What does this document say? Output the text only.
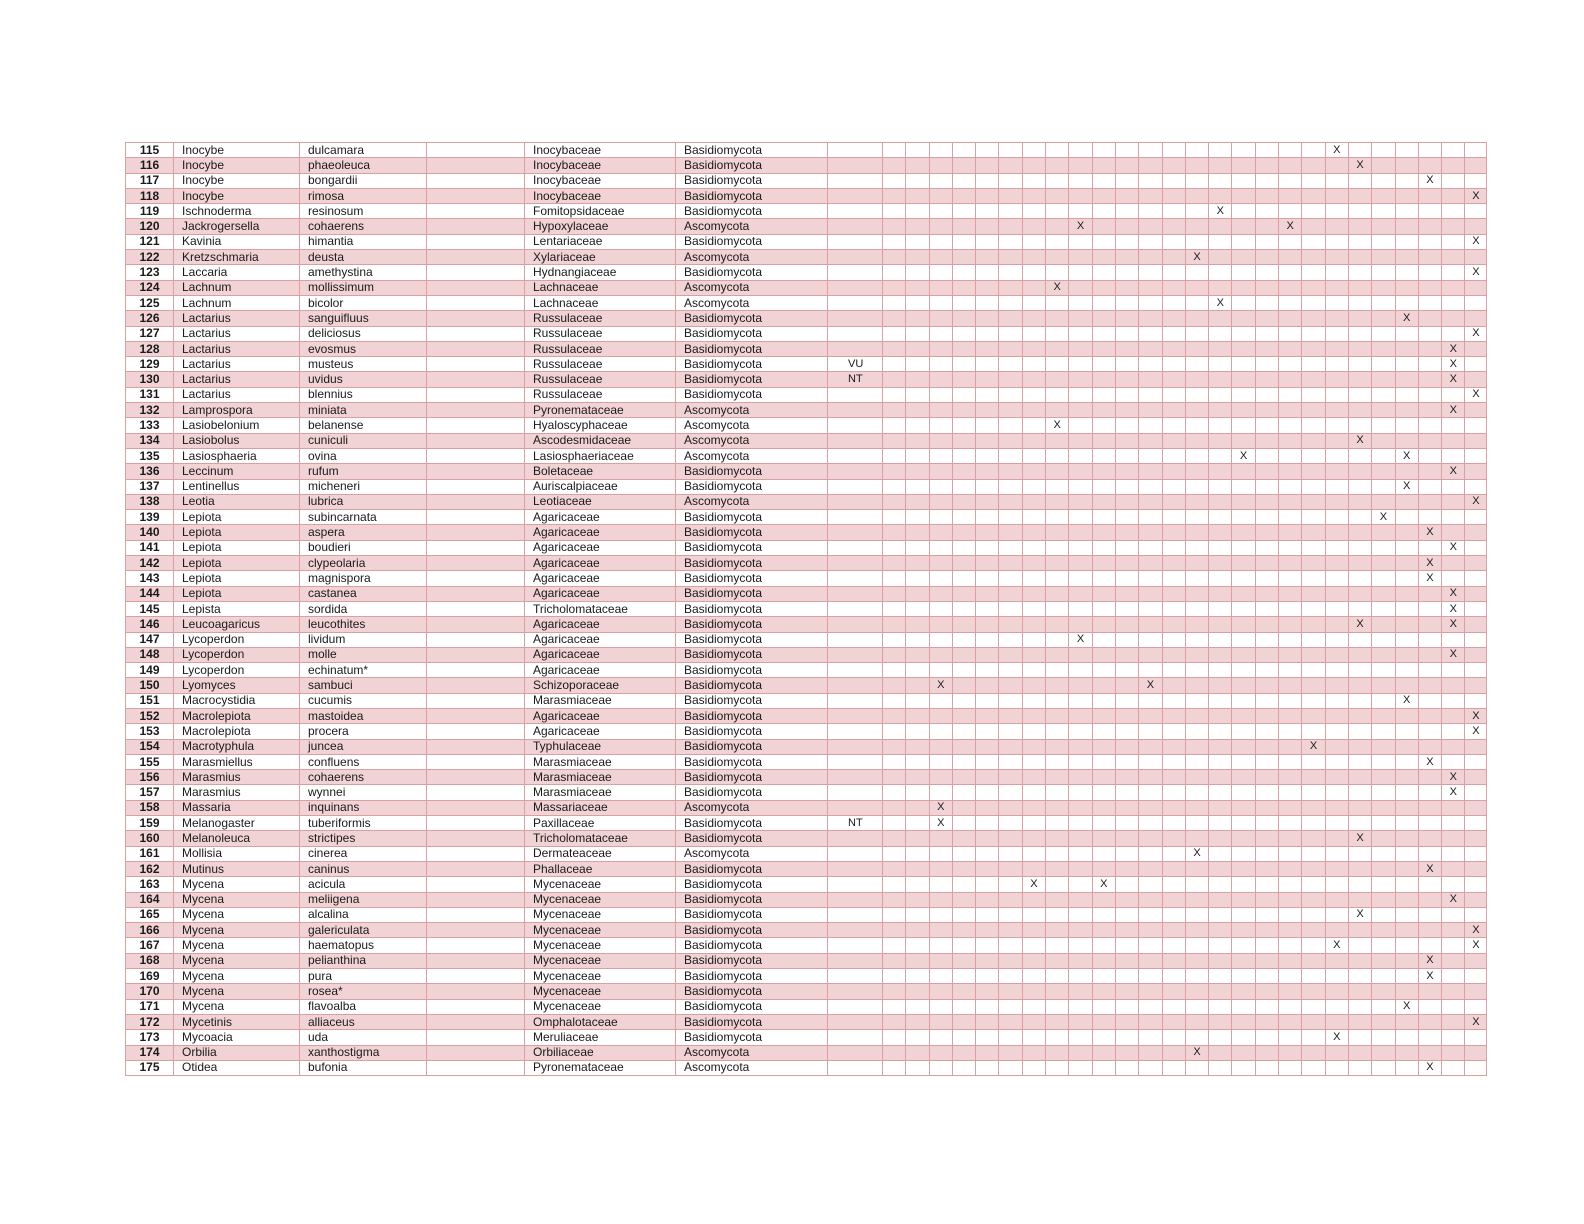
115	Inocybe	dulcamara		Inocybaceae	Basidiomycota																					X						
116	Inocybe	phaeoleuca		Inocybaceae	Basidiomycota																						X					
117	Inocybe	bongardii		Inocybaceae	Basidiomycota																									X		
118	Inocybe	rimosa		Inocybaceae	Basidiomycota																											X
119	Ischnoderma	resinosum		Fomitopsidaceae	Basidiomycota																X											
120	Jackrogersella	cohaerens		Hypoxylaceae	Ascomycota										X									X								
121	Kavinia	himantia		Lentariaceae	Basidiomycota																											X
122	Kretzschmaria	deusta		Xylariaceae	Ascomycota															X												
123	Laccaria	amethystina		Hydnangiaceae	Basidiomycota																											X
124	Lachnum	mollissimum		Lachnaceae	Ascomycota									X																		
125	Lachnum	bicolor		Lachnaceae	Ascomycota																X											
126	Lactarius	sanguifluus		Russulaceae	Basidiomycota																								X			
127	Lactarius	deliciosus		Russulaceae	Basidiomycota																											X
128	Lactarius	evosmus		Russulaceae	Basidiomycota																										X	
129	Lactarius	musteus		Russulaceae	Basidiomycota	VU																									X	
130	Lactarius	uvidus		Russulaceae	Basidiomycota	NT																									X	
131	Lactarius	blennius		Russulaceae	Basidiomycota																											X
132	Lamprospora	miniata		Pyronemataceae	Ascomycota																										X	
133	Lasiobelonium	belanense		Hyaloscyphaceae	Ascomycota									X																		
134	Lasiobolus	cuniculi		Ascodesmidaceae	Ascomycota																						X					
135	Lasiosphaeria	ovina		Lasiosphaeriaceae	Ascomycota																	X							X			
136	Leccinum	rufum		Boletaceae	Basidiomycota																										X	
137	Lentinellus	micheneri		Auriscalpiaceae	Basidiomycota																								X			
138	Leotia	lubrica		Leotiaceae	Ascomycota																											X
139	Lepiota	subincarnata		Agaricaceae	Basidiomycota																							X				
140	Lepiota	aspera		Agaricaceae	Basidiomycota																									X		
141	Lepiota	boudieri		Agaricaceae	Basidiomycota																										X	
142	Lepiota	clypeolaria		Agaricaceae	Basidiomycota																									X		
143	Lepiota	magnispora		Agaricaceae	Basidiomycota																									X		
144	Lepiota	castanea		Agaricaceae	Basidiomycota																										X	
145	Lepista	sordida		Tricholomataceae	Basidiomycota																										X	
146	Leucoagaricus	leucothites		Agaricaceae	Basidiomycota																						X				X	
147	Lycoperdon	lividum		Agaricaceae	Basidiomycota										X																	
148	Lycoperdon	molle		Agaricaceae	Basidiomycota																										X	
149	Lycoperdon	echinatum*		Agaricaceae	Basidiomycota																											
150	Lyomyces	sambuci		Schizoporaceae	Basidiomycota				X									X														
151	Macrocystidia	cucumis		Marasmiaceae	Basidiomycota																								X			
152	Macrolepiota	mastoidea		Agaricaceae	Basidiomycota																											X
153	Macrolepiota	procera		Agaricaceae	Basidiomycota																											X
154	Macrotyphula	juncea		Typhulaceae	Basidiomycota																				X							
155	Marasmiellus	confluens		Marasmiaceae	Basidiomycota																									X		
156	Marasmius	cohaerens		Marasmiaceae	Basidiomycota																										X	
157	Marasmius	wynnei		Marasmiaceae	Basidiomycota																										X	
158	Massaria	inquinans		Massariaceae	Ascomycota				X																							
159	Melanogaster	tuberiformis		Paxillaceae	Basidiomycota	NT			X																							
160	Melanoleuca	strictipes		Tricholomataceae	Basidiomycota																						X					
161	Mollisia	cinerea		Dermateaceae	Ascomycota															X												
162	Mutinus	caninus		Phallaceae	Basidiomycota																									X		
163	Mycena	acicula		Mycenaceae	Basidiomycota								X			X																
164	Mycena	meliigena		Mycenaceae	Basidiomycota																										X	
165	Mycena	alcalina		Mycenaceae	Basidiomycota																						X					
166	Mycena	galericulata		Mycenaceae	Basidiomycota																											X
167	Mycena	haematopus		Mycenaceae	Basidiomycota																					X						X
168	Mycena	pelianthina		Mycenaceae	Basidiomycota																									X		
169	Mycena	pura		Mycenaceae	Basidiomycota																									X		
170	Mycena	rosea*		Mycenaceae	Basidiomycota																											
171	Mycena	flavoalba		Mycenaceae	Basidiomycota																								X			
172	Mycetinis	alliaceus		Omphalotaceae	Basidiomycota																											X
173	Mycoacia	uda		Meruliaceae	Basidiomycota																					X						
174	Orbilia	xanthostigma		Orbiliaceae	Ascomycota															X												
175	Otidea	bufonia		Pyronemataceae	Ascomycota																									X		
